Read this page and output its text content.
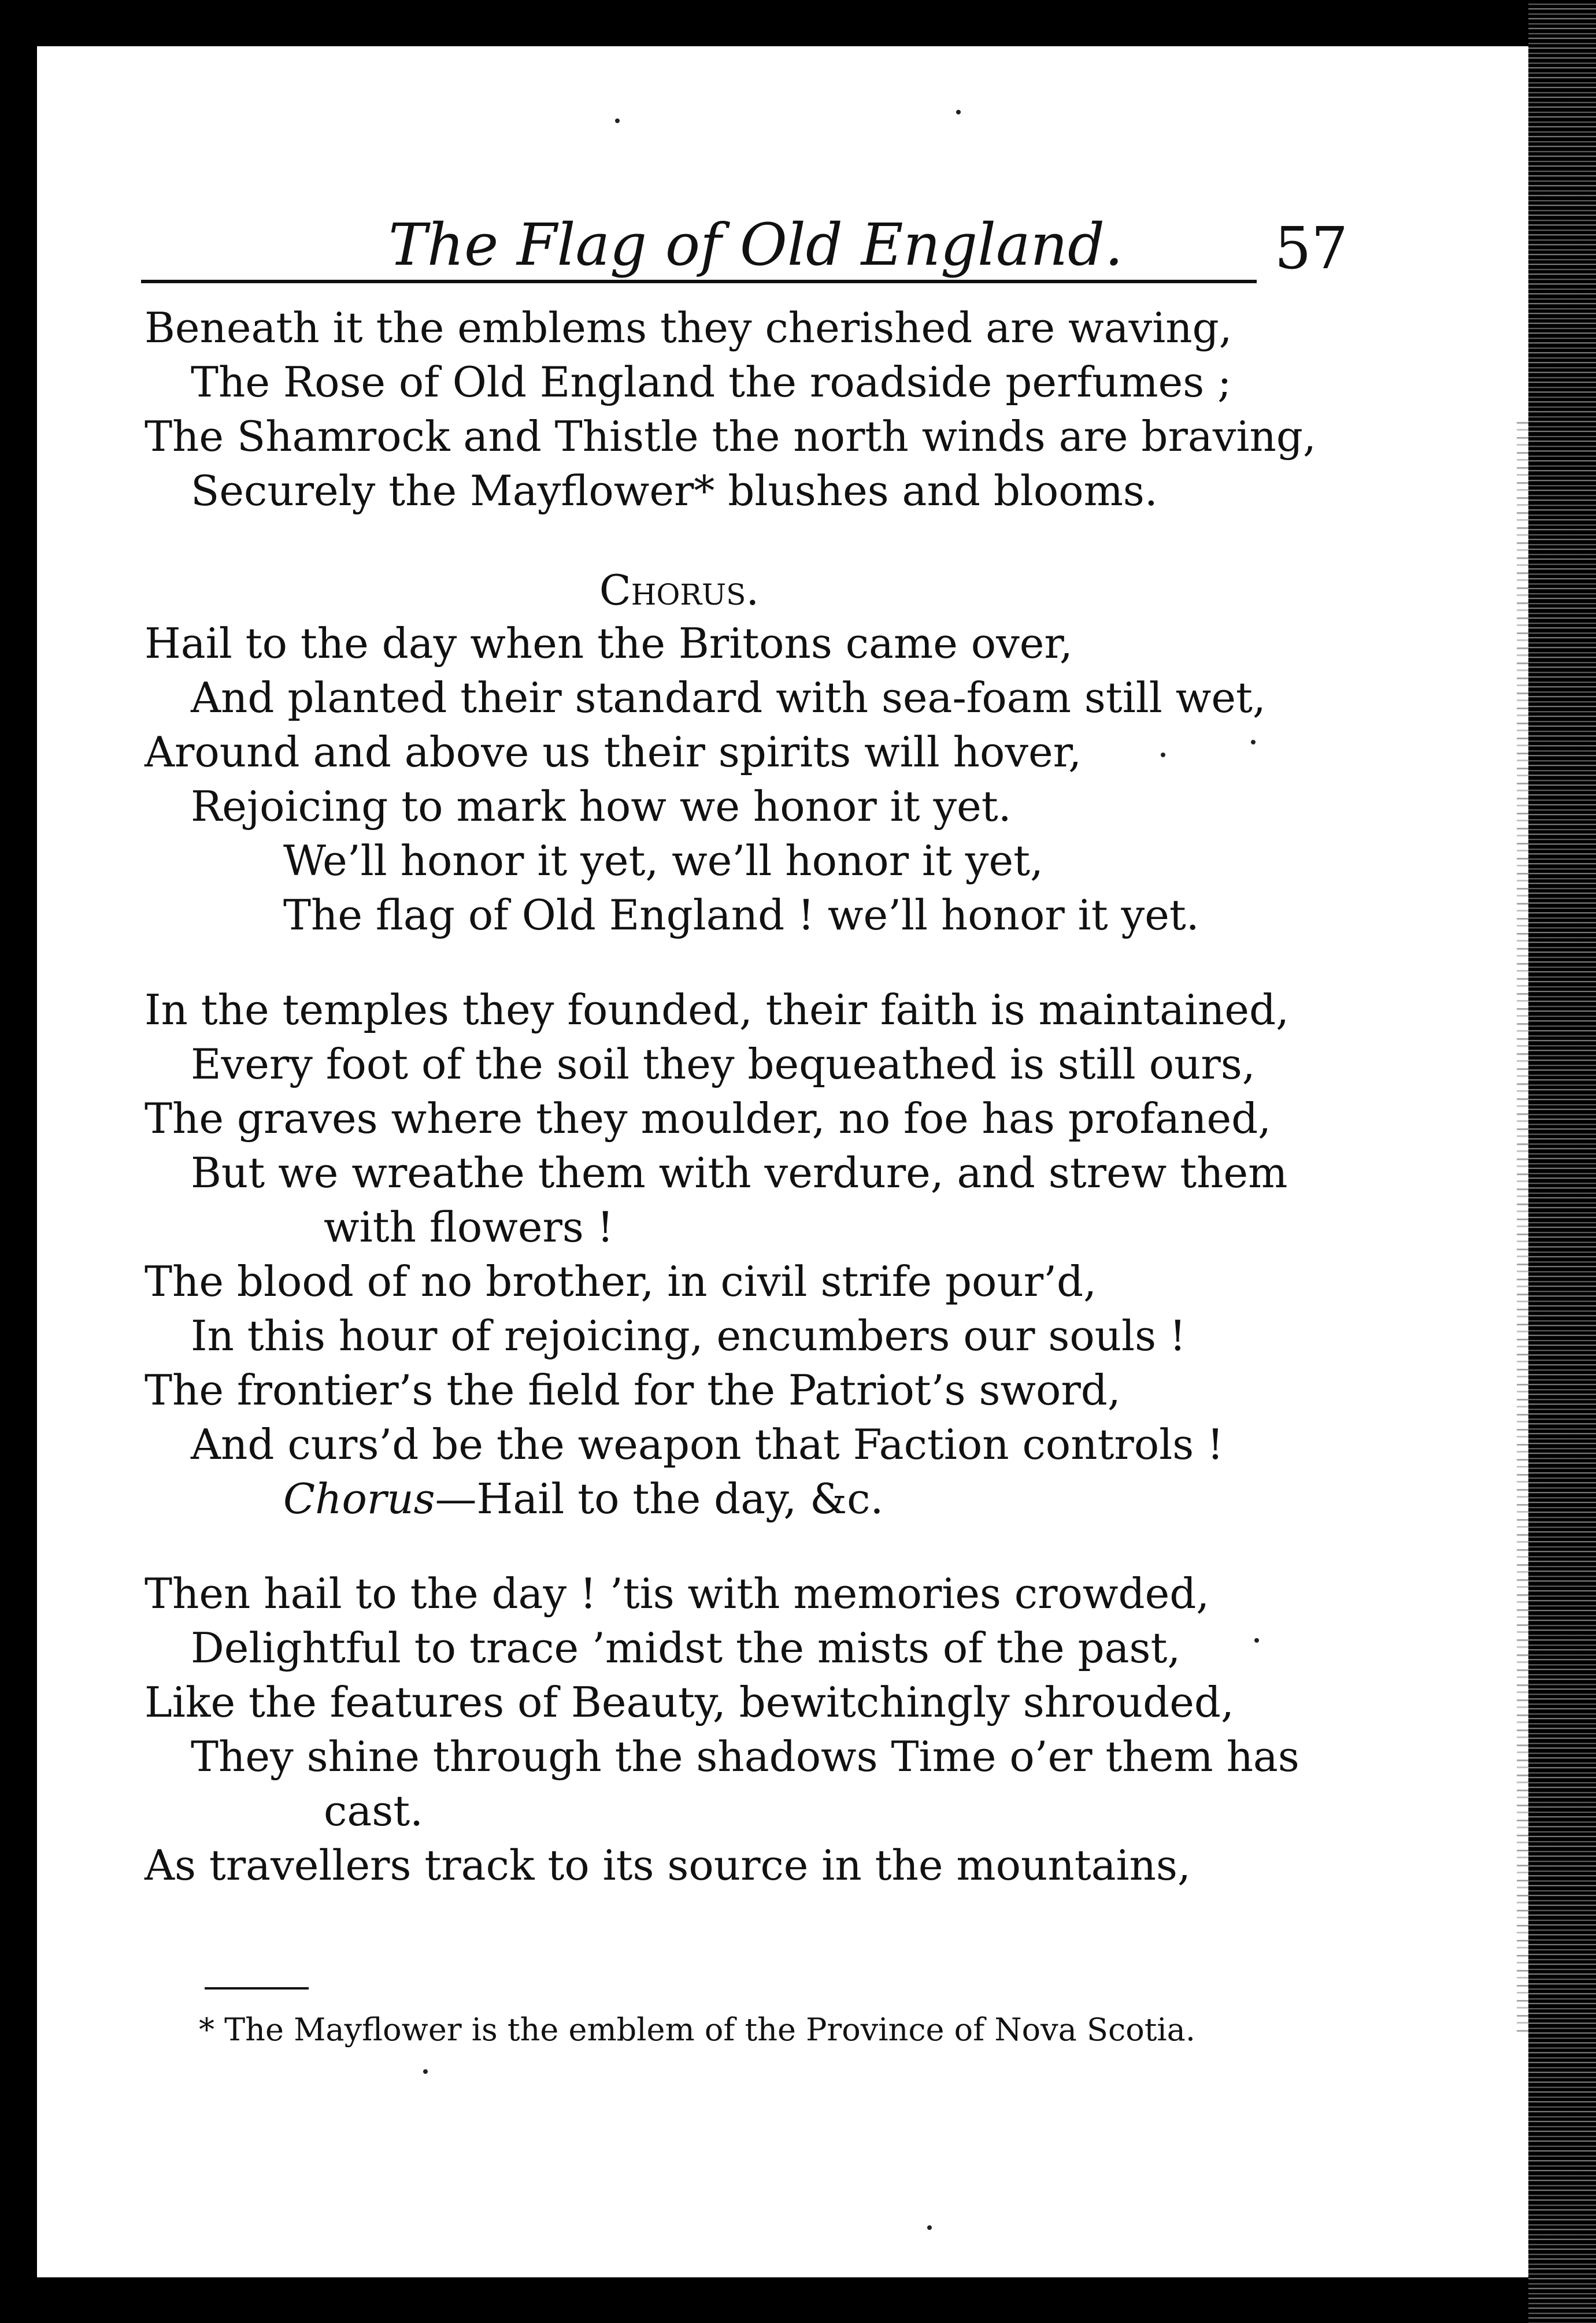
The Flag of Old England.	57
Beneath it the emblems they cherished are waving,
The Rose of Old England the roadside perfumes ;
The Shamrock and Thistle the north winds are braving,
Securely the Mayflower* blushes and blooms.
Chorus.
Hail to the day when the Britons came over,
And planted their standard with sea-foam still wet,
Around and above us their spirits will hover,
Rejoicing to mark how we honor it yet.
We’ll honor it yet, we’ll honor it yet,
The flag of Old England ! we’ll honor it yet.
In the temples they founded, their faith is maintained,
Every foot of the soil they bequeathed is still ours,
The graves where they moulder, no foe has profaned,
But we wreathe them with verdure, and strew them
with flowers !
The blood of no brother, in civil strife pour’d,
In this hour of rejoicing, encumbers our souls !
The frontier’s the field for the Patriot’s sword,
And curs’d be the weapon that Faction controls !
Chorus—Hail to the day, &c.
Then hail to the day ! ’tis with memories crowded,
Delightful to trace ’midst the mists of the past,
Like the features of Beauty, bewitchingly shrouded,
They shine through the shadows Time o’er them has
cast.
As travellers track to its source in the mountains,
* The Mayflower is the emblem of the Province of Nova Scotia.
